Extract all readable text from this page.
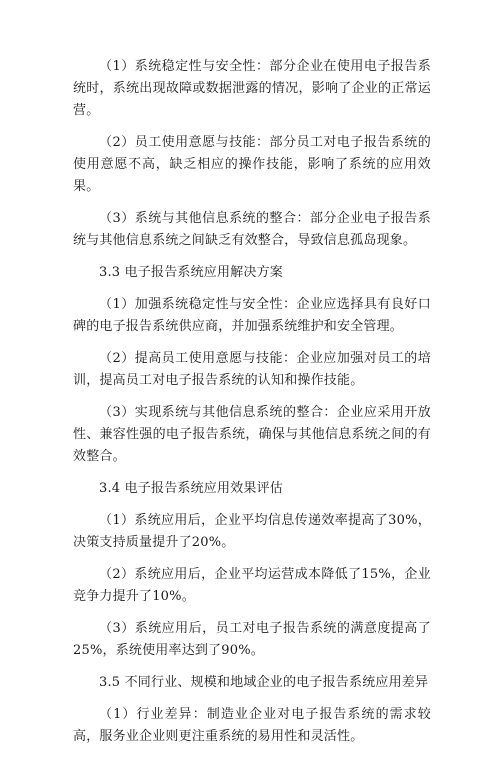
（1）系统稳定性与安全性：部分企业在使用电子报告系统时，系统出现故障或数据泄露的情况，影响了企业的正常运营。

（2）员工使用意愿与技能：部分员工对电子报告系统的使用意愿不高，缺乏相应的操作技能，影响了系统的应用效果。

（3）系统与其他信息系统的整合：部分企业电子报告系统与其他信息系统之间缺乏有效整合，导致信息孤岛现象。

3.3 电子报告系统应用解决方案

（1）加强系统稳定性与安全性：企业应选择具有良好口碑的电子报告系统供应商，并加强系统维护和安全管理。

（2）提高员工使用意愿与技能：企业应加强对员工的培训，提高员工对电子报告系统的认知和操作技能。

（3）实现系统与其他信息系统的整合：企业应采用开放性、兼容性强的电子报告系统，确保与其他信息系统之间的有效整合。

3.4 电子报告系统应用效果评估

（1）系统应用后，企业平均信息传递效率提高了30%，决策支持质量提升了20%。

（2）系统应用后，企业平均运营成本降低了15%，企业竞争力提升了10%。

（3）系统应用后，员工对电子报告系统的满意度提高了25%，系统使用率达到了90%。

3.5 不同行业、规模和地域企业的电子报告系统应用差异

（1）行业差异：制造业企业对电子报告系统的需求较高，服务业企业则更注重系统的易用性和灵活性。
